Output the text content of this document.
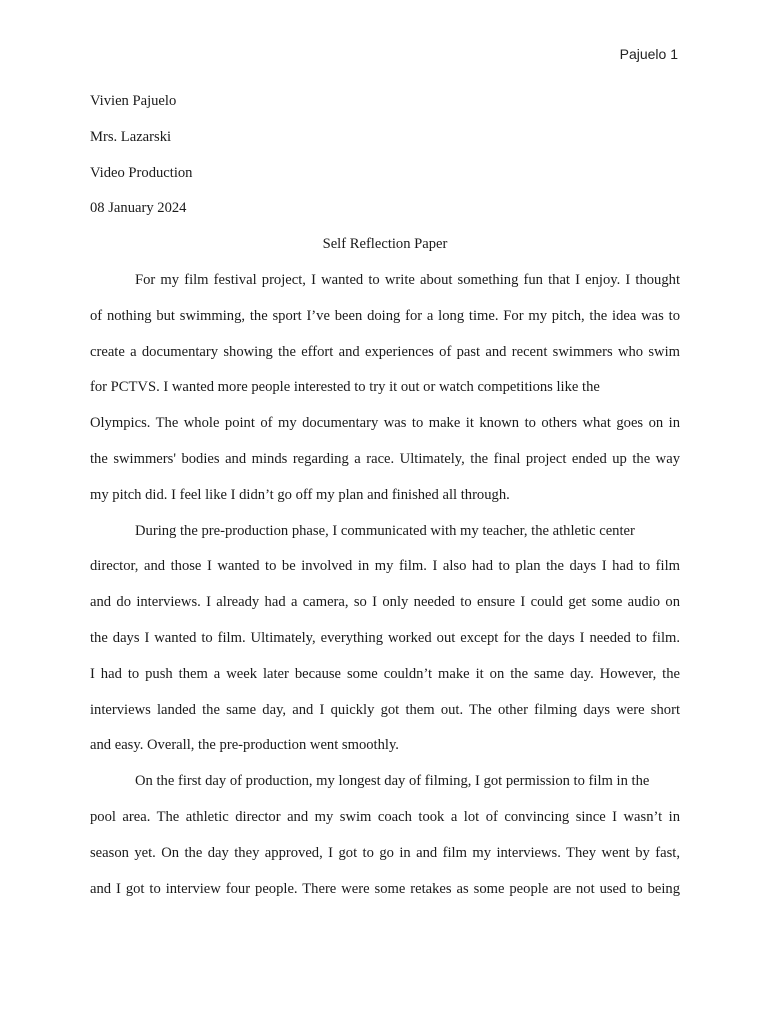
Pajuelo 1
Vivien Pajuelo
Mrs. Lazarski
Video Production
08 January 2024
Self Reflection Paper
For my film festival project, I wanted to write about something fun that I enjoy. I thought
of nothing but swimming, the sport I’ve been doing for a long time. For my pitch, the idea was to
create a documentary showing the effort and experiences of past and recent swimmers who swim
for PCTVS. I wanted more people interested to try it out or watch competitions like the
Olympics. The whole point of my documentary was to make it known to others what goes on in
the swimmers' bodies and minds regarding a race. Ultimately, the final project ended up the way
my pitch did. I feel like I didn’t go off my plan and finished all through.
During the pre-production phase, I communicated with my teacher, the athletic center
director, and those I wanted to be involved in my film. I also had to plan the days I had to film
and do interviews. I already had a camera, so I only needed to ensure I could get some audio on
the days I wanted to film. Ultimately, everything worked out except for the days I needed to film.
I had to push them a week later because some couldn’t make it on the same day. However, the
interviews landed the same day, and I quickly got them out. The other filming days were short
and easy. Overall, the pre-production went smoothly.
On the first day of production, my longest day of filming, I got permission to film in the
pool area. The athletic director and my swim coach took a lot of convincing since I wasn’t in
season yet. On the day they approved, I got to go in and film my interviews. They went by fast,
and I got to interview four people. There were some retakes as some people are not used to being
